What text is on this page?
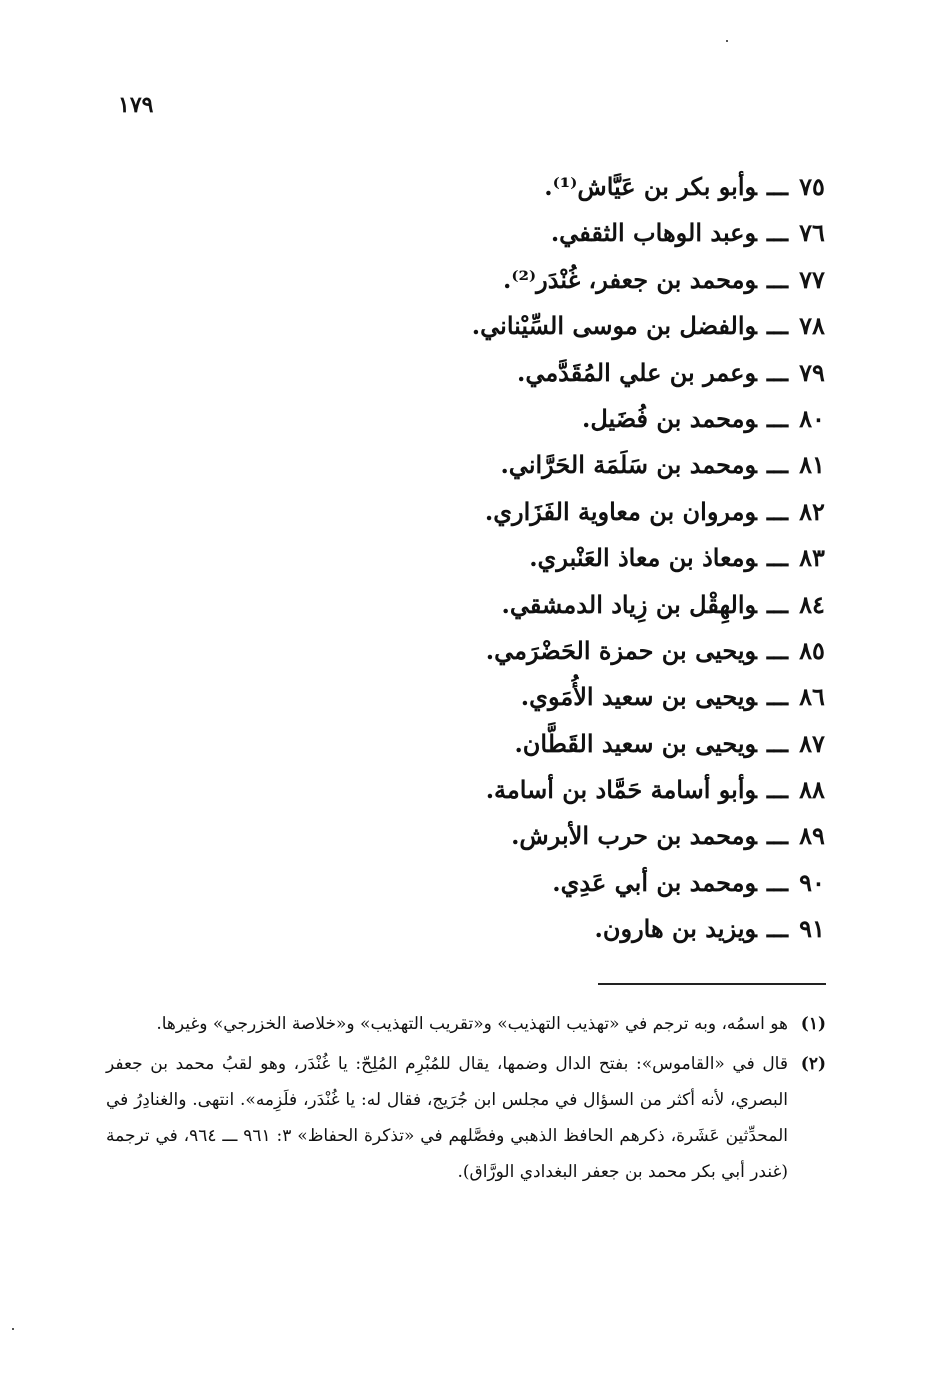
١٧٩
٧٥ـــوأبو بكر بن عَيَّاش⁽¹⁾.
٧٦ـــوعبد الوهاب الثقفي.
٧٧ـــومحمد بن جعفر، غُنْدَر⁽²⁾.
٧٨ـــوالفضل بن موسى السِّيْناني.
٧٩ـــوعمر بن علي المُقَدَّمي.
٨٠ـــومحمد بن فُضَيل.
٨١ـــومحمد بن سَلَمَة الحَرَّاني.
٨٢ـــومروان بن معاوية الفَزَاري.
٨٣ـــومعاذ بن معاذ العَنْبري.
٨٤ـــوالهِقْل بن زِياد الدمشقي.
٨٥ـــويحيى بن حمزة الحَضْرَمي.
٨٦ـــويحيى بن سعيد الأُمَوي.
٨٧ـــويحيى بن سعيد القَطَّان.
٨٨ـــوأبو أسامة حَمَّاد بن أسامة.
٨٩ـــومحمد بن حرب الأبرش.
٩٠ـــومحمد بن أبي عَدِي.
٩١ـــويزيد بن هارون.
(١)
هو اسمُه، وبه ترجم في «تهذيب التهذيب» و«تقريب التهذيب» و«خلاصة الخزرجي» وغيرها.
(٢)
قال في «القاموس»: بفتح الدال وضمها، يقال للمُبْرِم المُلِحّ: يا غُنْدَر، وهو لقبُ محمد بن جعفر البصري، لأنه أكثر من السؤال في مجلس ابن جُرَيج، فقال له: يا غُنْدَر، فلَزِمه». انتهى. والغنادِرُ في المحدِّثين عَشَرة، ذكرهم الحافظ الذهبي وفصَّلهم في «تذكرة الحفاظ» ٣: ٩٦١ ـــ ٩٦٤، في ترجمة (غندر أبي بكر محمد بن جعفر البغدادي الورَّاق).
